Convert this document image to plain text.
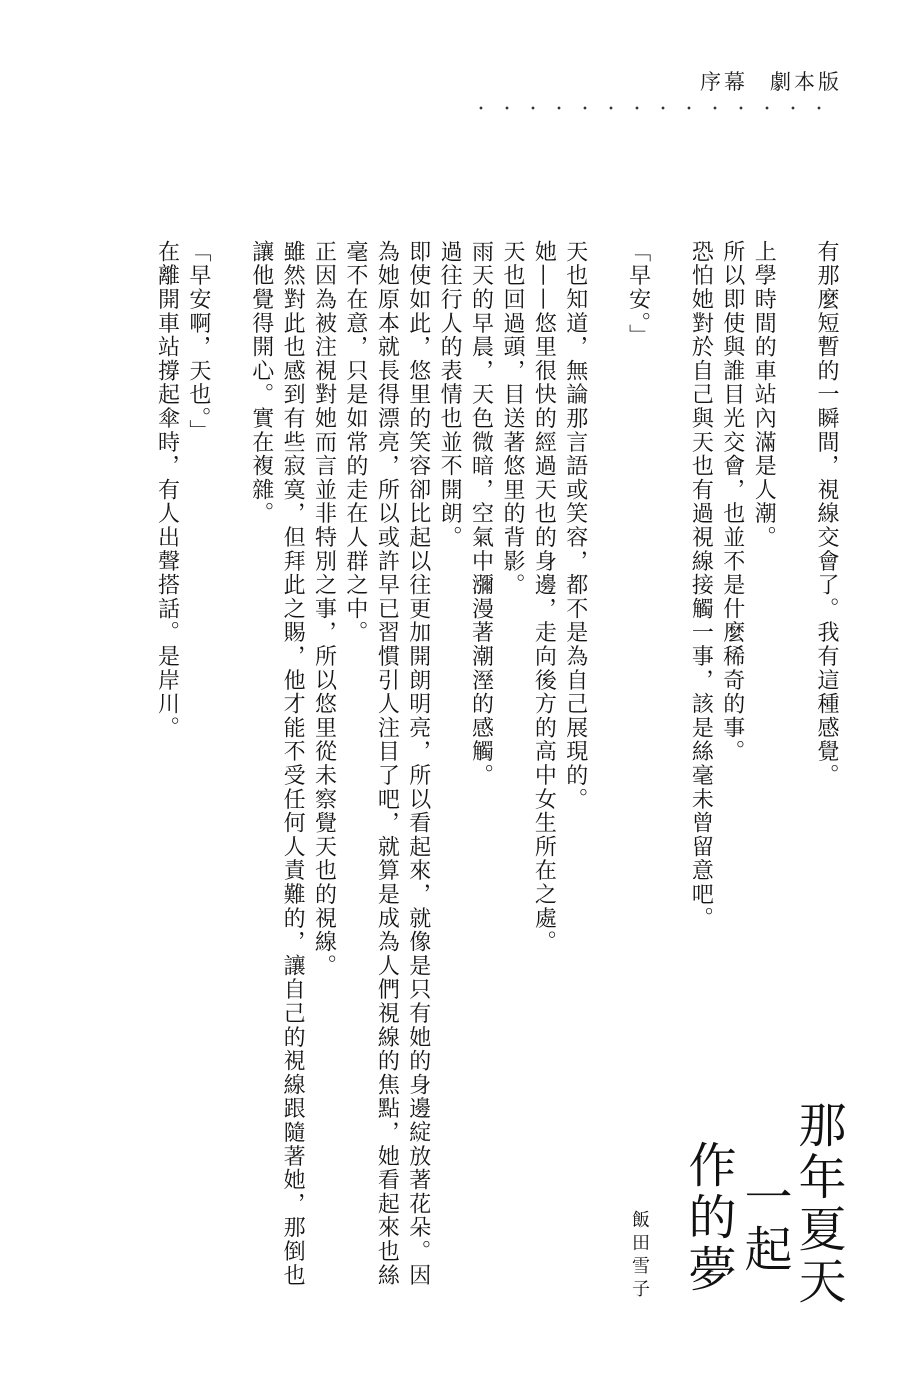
序幕 劇本版

有那麼短暫的一瞬間，視線交會了。我有這種感覺。

上學時間的車站內滿是人潮。

所以即使與誰目光交會，也並不是什麼稀奇的事。

恐怕她對於自己與天也有過視線接觸一事，該是絲毫未曾留意吧。

「早安。」

天也知道，無論那言語或笑容，都不是為自己展現的。

她——悠里很快的經過天也的身邊，走向後方的高中女生所在之處。

天也回過頭，目送著悠里的背影。

雨天的早晨，天色微暗，空氣中瀰漫著潮溼的感觸。

過往行人的表情也並不開朗。

即使如此，悠里的笑容卻比起以往更加開朗明亮，所以看起來，就像是只有她的身邊綻放著花朵。因

為她原本就長得漂亮，所以或許早已習慣引人注目了吧，就算是成為人們視線的焦點，她看起來也絲

毫不在意，只是如常的走在人群之中。

正因為被注視對她而言並非特別之事，所以悠里從未察覺天也的視線。

雖然對此也感到有些寂寞，但拜此之賜，他才能不受任何人責難的，讓自己的視線跟隨著她，那倒也

讓他覺得開心。實在複雜。

「早安啊，天也。」

在離開車站撐起傘時，有人出聲搭話。是岸川。

那年夏天
一起
作的夢
飯田雪子
